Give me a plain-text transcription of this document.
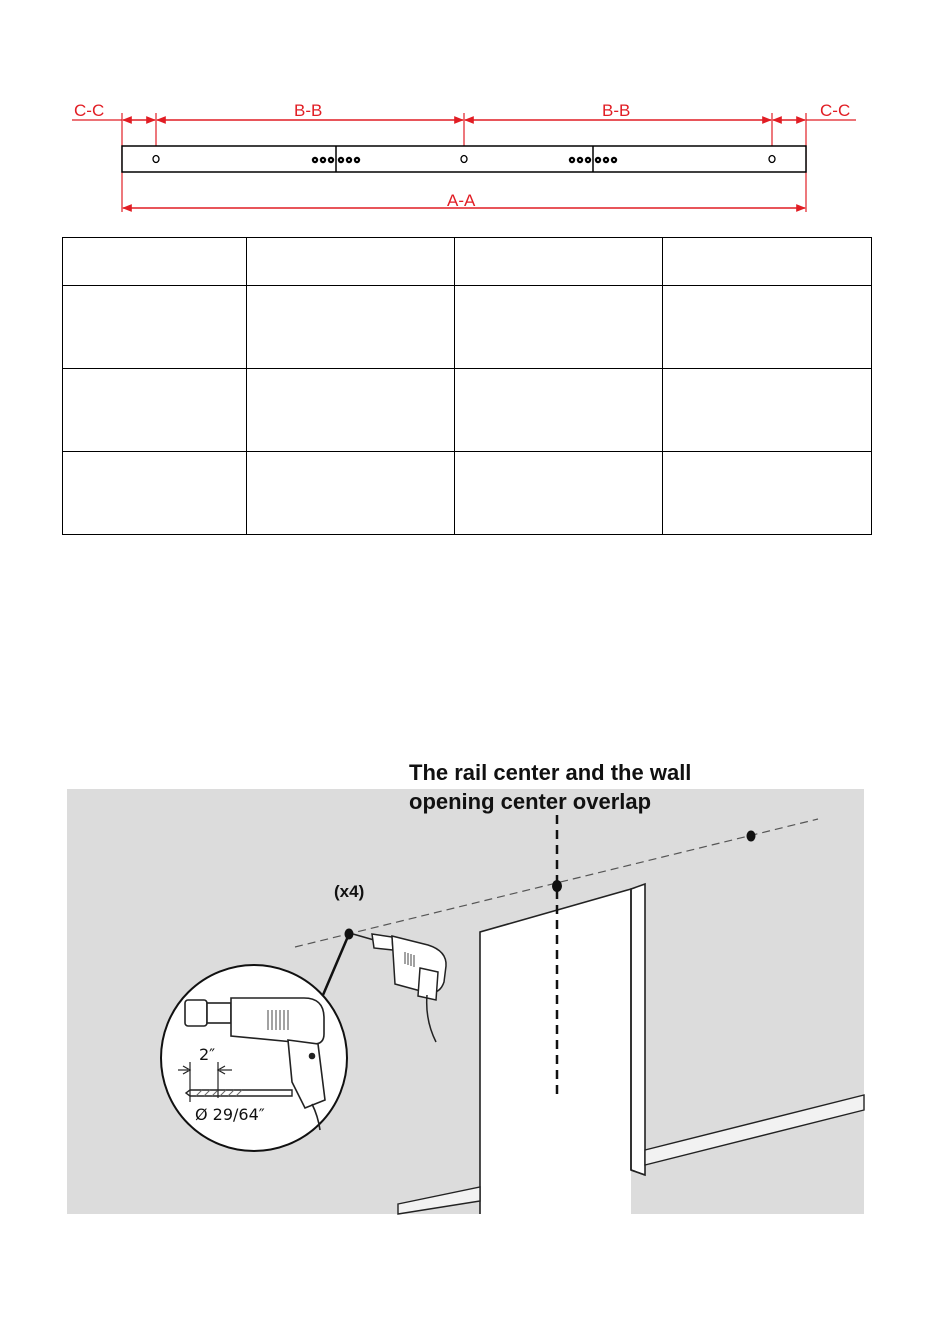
C-C	B-B	B-B	C-C
A-A

The rail center and the wall
opening center overlap
(x4)
2″
Ø 29/64″
